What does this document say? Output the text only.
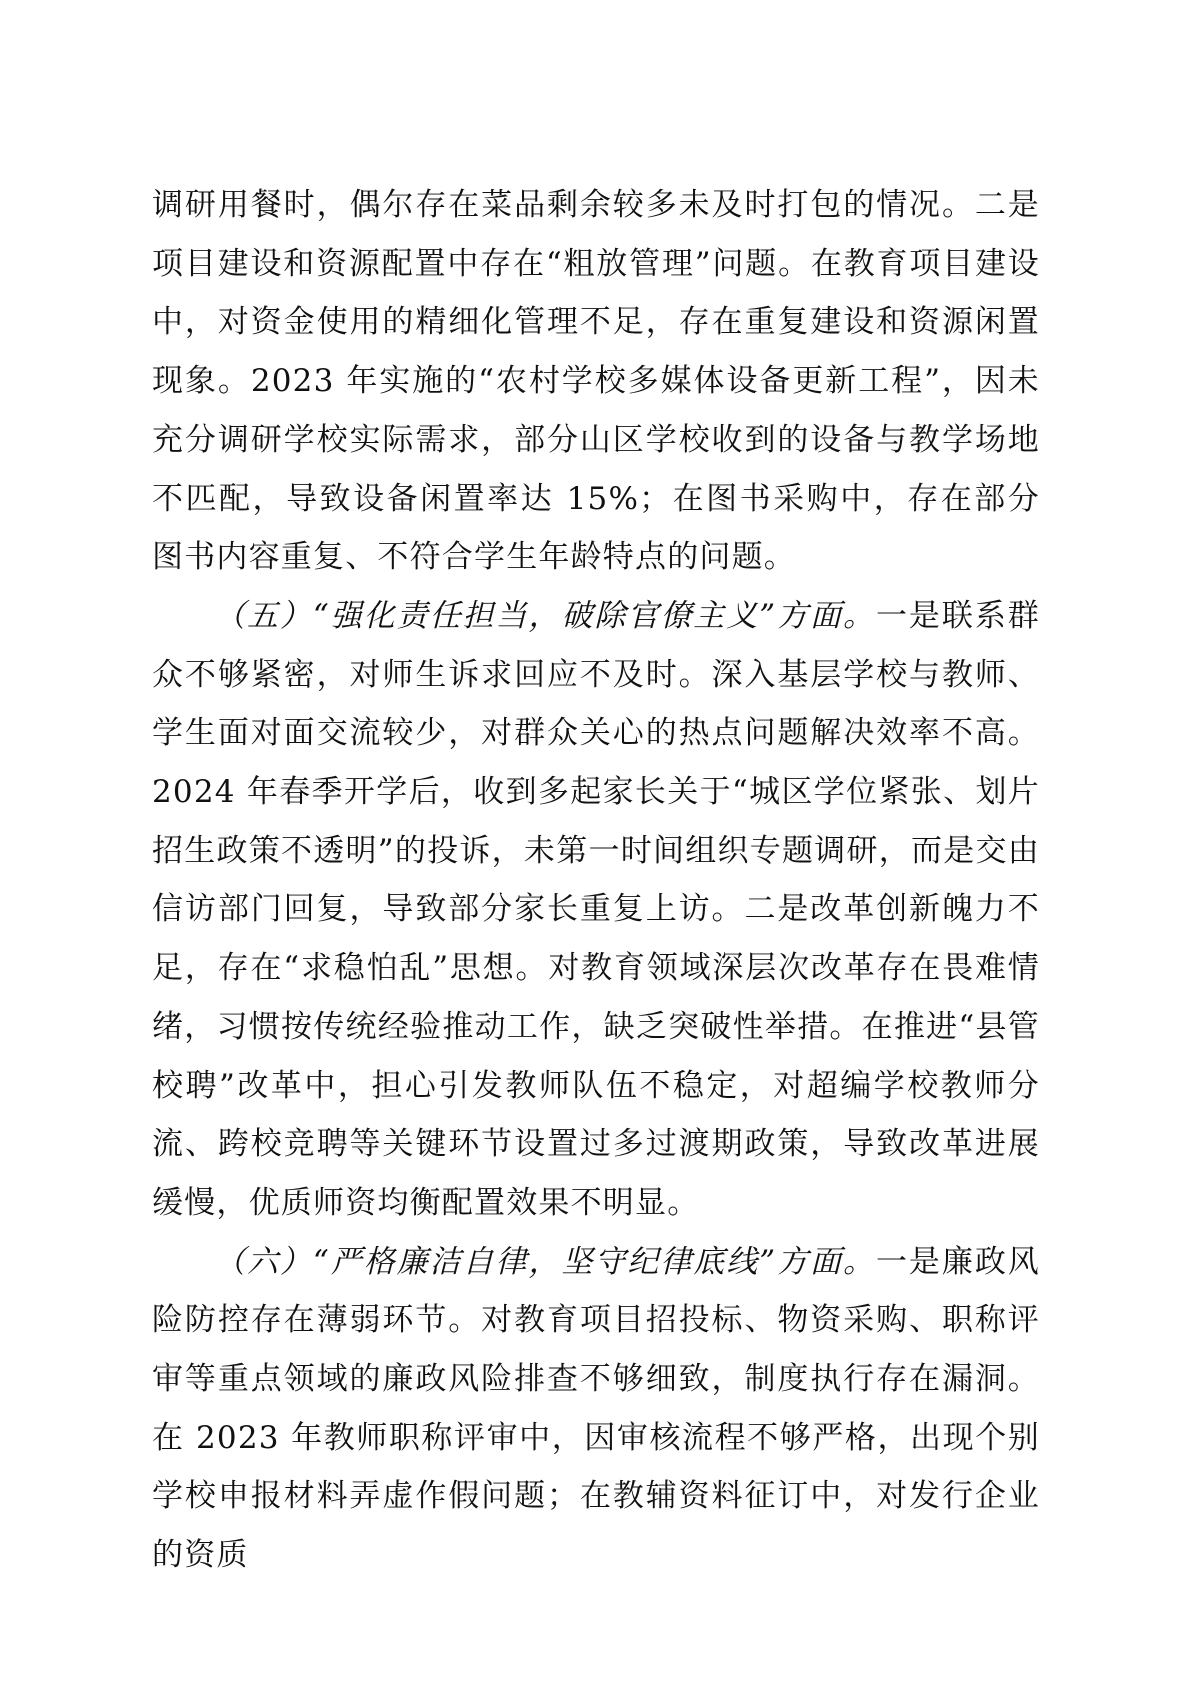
调研用餐时，偶尔存在菜品剩余较多未及时打包的情况。二是项目建设和资源配置中存在“粗放管理”问题。在教育项目建设中，对资金使用的精细化管理不足，存在重复建设和资源闲置现象。2023 年实施的“农村学校多媒体设备更新工程”，因未充分调研学校实际需求，部分山区学校收到的设备与教学场地不匹配，导致设备闲置率达 15%；在图书采购中，存在部分图书内容重复、不符合学生年龄特点的问题。

（五）“强化责任担当，破除官僚主义”方面。一是联系群众不够紧密，对师生诉求回应不及时。深入基层学校与教师、学生面对面交流较少，对群众关心的热点问题解决效率不高。2024 年春季开学后，收到多起家长关于“城区学位紧张、划片招生政策不透明”的投诉，未第一时间组织专题调研，而是交由信访部门回复，导致部分家长重复上访。二是改革创新魄力不足，存在“求稳怕乱”思想。对教育领域深层次改革存在畏难情绪，习惯按传统经验推动工作，缺乏突破性举措。在推进“县管校聘”改革中，担心引发教师队伍不稳定，对超编学校教师分流、跨校竞聘等关键环节设置过多过渡期政策，导致改革进展缓慢，优质师资均衡配置效果不明显。

（六）“严格廉洁自律，坚守纪律底线”方面。一是廉政风险防控存在薄弱环节。对教育项目招投标、物资采购、职称评审等重点领域的廉政风险排查不够细致，制度执行存在漏洞。在 2023 年教师职称评审中，因审核流程不够严格，出现个别学校申报材料弄虚作假问题；在教辅资料征订中，对发行企业的资质
